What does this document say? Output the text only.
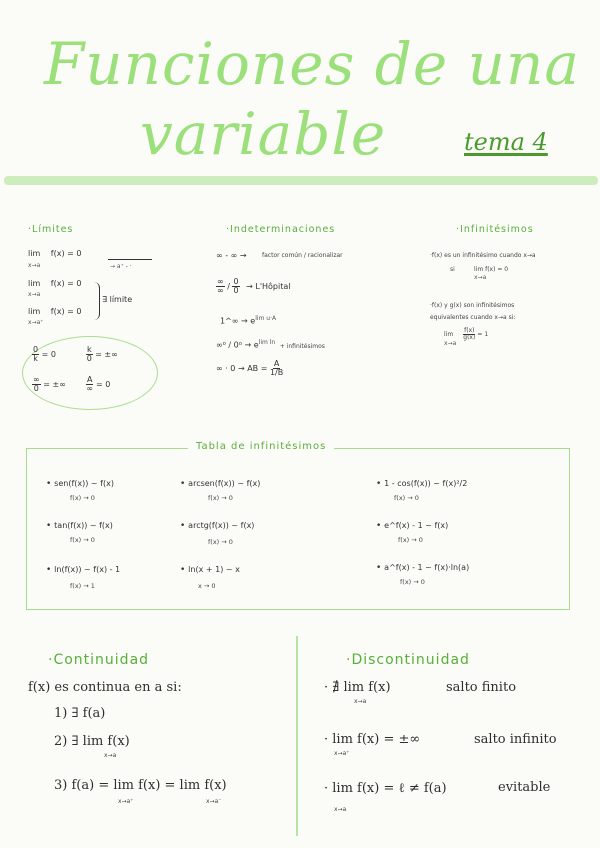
Funciones de una
variable	tema 4
·Límites
lim f(x) = 0
x→a	→ a⁺ - ·
lim f(x) = 0
x→a
lim f(x) = 0
x→a⁺
∃ límite
$\frac{0}{k} = 0$	$\frac{k}{0}$ = ±∞
$\frac{\infty}{0}$ = ±∞	$\frac{A}{\infty} = 0$
·Indeterminaciones
∞ - ∞ →	factor común / racionalizar
$\frac{\infty}{\infty} / \frac{0}{0}$ → L'Hôpital
1^∞ → $e^{lim u\cdot A}$
$\infty^0 / 0^0 \to e^{lim ln}$ + infinitésimos
∞ · 0 → AB = $\frac{A}{1/B}$
·Infinitésimos
·f(x) es un infinitésimo cuando x→a
si	lim f(x) = 0
x→a
·f(x) y g(x) son infinitésimos
equivalentes cuando x→a si:
$\lim \frac{f(x)}{g(x)} = 1$
x→a
Tabla de infinitésimos
• sen(f(x)) ~ f(x)
f(x) → 0
• arcsen(f(x)) ~ f(x)
f(x) → 0
• 1 - cos(f(x)) ~ f(x)²/2
f(x) → 0
• tan(f(x)) ~ f(x)
f(x) → 0
• arctg(f(x)) ~ f(x)
f(x) → 0
• e^f(x) - 1 ~ f(x)
f(x) → 0
• ln(f(x)) ~ f(x) - 1
f(x) → 1
• ln(x + 1) ~ x
x → 0
• a^f(x) - 1 ~ f(x)·ln(a)
f(x) → 0
·Continuidad
f(x) es continua en a si:
1) ∃ f(a)
2) ∃ lim f(x)
x→a
3) f(a) = lim f(x) = lim f(x)
x→a⁺	x→a⁻
·Discontinuidad
· ∄ lim f(x)
x→a
salto finito
· lim f(x) = ±∞
x→a⁺
salto infinito
· lim f(x) = ℓ ≠ f(a)
x→a
evitable
